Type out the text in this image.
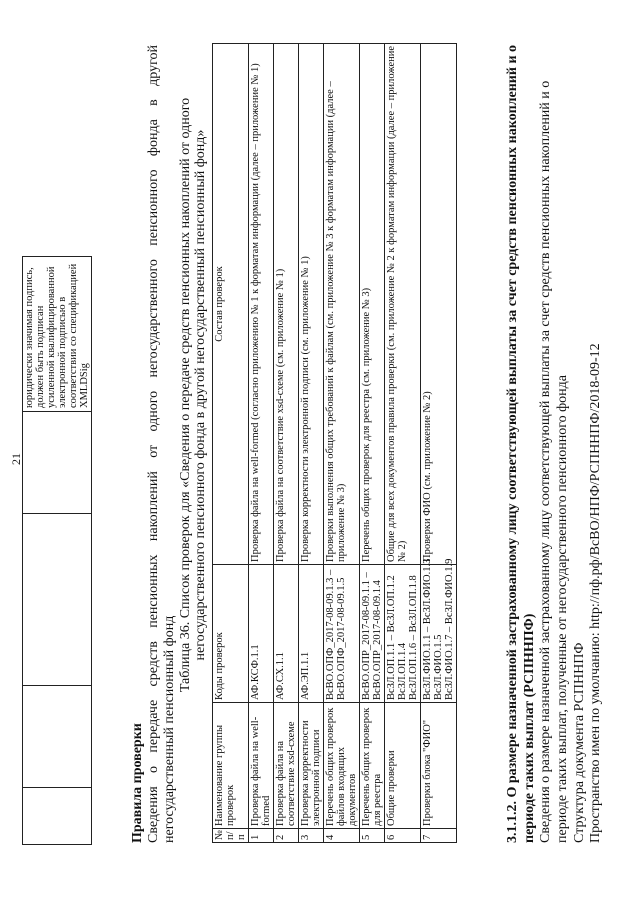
21
				юридически значимая подпись, должен быть подписан усиленной квалифицированной электронной подписью в соответствии со спецификацией XMLDSig
Правила проверки Сведения о передаче средств пенсионных накоплений от одного негосударственного пенсионного фонда в другой негосударственный пенсионный фонд
Таблица 36. Список проверок для «Сведения о передаче средств пенсионных накоплений от одного негосударственного пенсионного фонда в другой негосударственный пенсионный фонд»
№ п/п	Наименование группы проверок	Коды проверок	Состав проверок
1	Проверка файла на well-formed	АФ.КСФ.1.1	Проверка файла на well-formed (согласно приложению № 1 к форматам информации (далее – приложение № 1)
2	Проверка файла на соответствие xsd-схеме	АФ.СХ.1.1	Проверка файла на соответствие xsd-схеме (см. приложение № 1)
3	Проверка корректности электронной подписи	АФ.ЭП.1.1	Проверка корректности электронной подписи (см. приложение № 1)
4	Перечень общих проверок файлов входящих документов	ВсВО.ОПФ_2017-08-09.1.3 – ВсВО.ОПФ_2017-08-09.1.5	Проверки выполнения общих требований к файлам (см. приложение № 3 к форматам информации (далее – приложение № 3)
5	Перечень общих проверок для реестра	ВсВО.ОПР_2017-08-09.1.1 – ВсВО.ОПР_2017-08-09.1.4	Перечень общих проверок для реестра (см. приложение № 3)
6	Общие проверки	ВсЗЛ.ОП.1.1 – ВсЗЛ.ОП.1.2 ВсЗЛ.ОП.1.4 ВсЗЛ.ОП.1.6 – ВсЗЛ.ОП.1.8	Общие для всех документов правила проверки (см. приложение № 2 к форматам информации (далее – приложение № 2)
7	Проверки блока "ФИО"	ВсЗЛ.ФИО.1.1 – ВсЗЛ.ФИО.1.3 ВсЗЛ.ФИО.1.5 ВсЗЛ.ФИО.1.7 – ВсЗЛ.ФИО.1.9	Проверки ФИО (см. приложение № 2)	3.1.1.2. О размере назначенной застрахованному лицу соответствующей выплаты за счет средств пенсионных накоплений и о периоде таких выплат (РСПННПФ) Сведения о размере назначенной застрахованному лицу соответствующей выплаты за счет средств пенсионных накоплений и о периоде таких выплат, полученные от негосударственного пенсионного фонда Структура документа РСПННПФ Пространство имен по умолчанию: http://пф.рф/ВсВО/НПФ/РСПННПФ/2018-09-12
